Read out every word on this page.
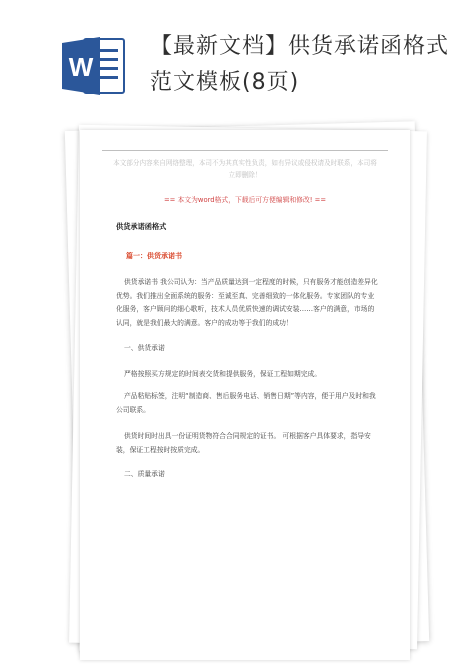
W
【最新文档】供货承诺函格式
范文模板(8页)
本文部分内容来自网络整理，本司不为其真实性负责，如有异议或侵权请及时联系，本司将立即删除！
== 本文为word格式，下载后可方便编辑和修改! ==
供货承诺函格式
篇一：供货承诺书
供货承诺书 我公司认为：当产品质量达到一定程度的时候，只有服务才能创造差异化优势。我们推出全面系统的服务：至诚至真、完善细致的一体化服务。专家团队的专业化服务，客户顾问的细心歌听，技术人员优质快速的调试安装……客户的满意，市场的认同，就是我们最大的满意。客户的成功等于我们的成功！
一、供货承诺
严格按照买方规定的时间表交货和提供服务，保证工程如期完成。
产品粘贴标签，注明“制造商、售后服务电话、销售日期”等内容，便于用户及时和我公司联系。
供货时间时出具一份证明货物符合合同规定的证书。 可根据客户具体要求，指导安装，保证工程按时按质完成。
二、质量承诺
